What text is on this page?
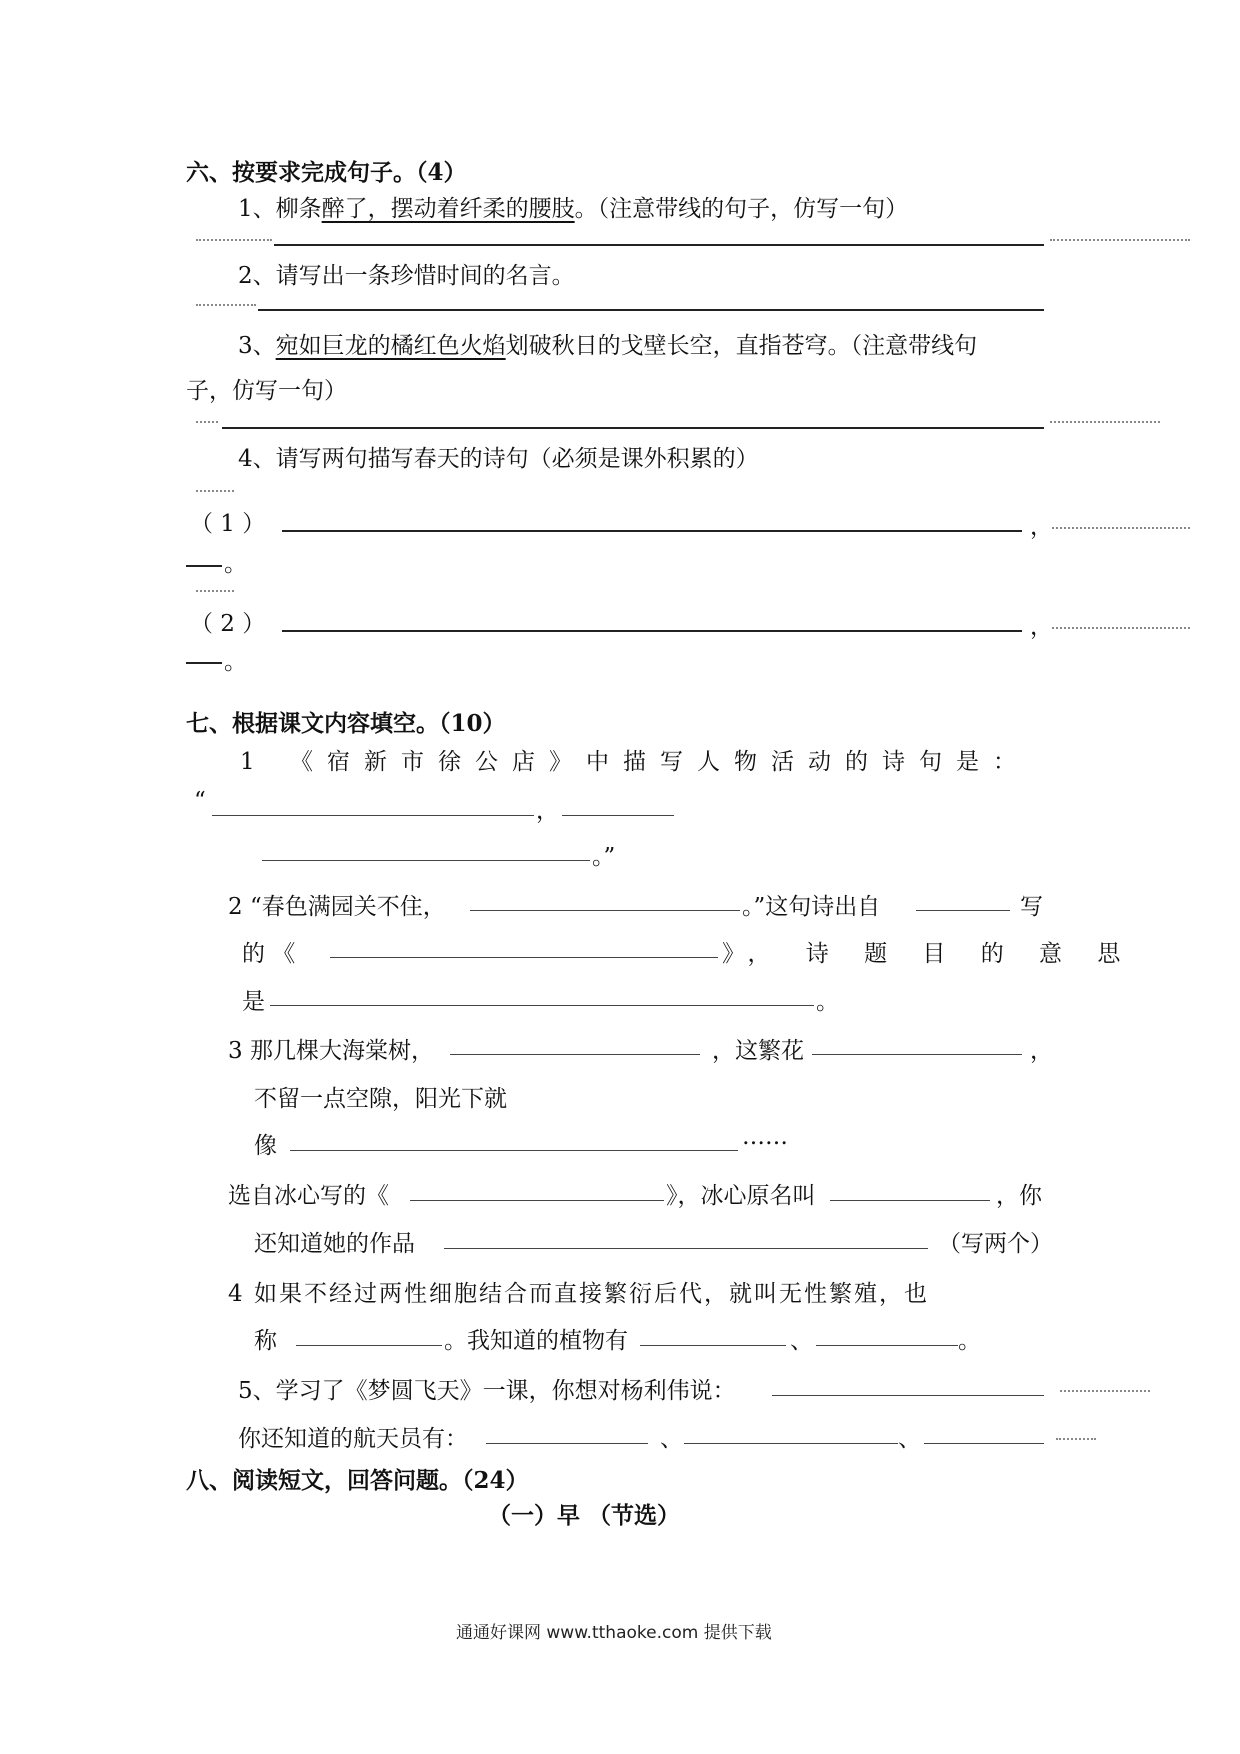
六、按要求完成句子。（4）
1、柳条醉了，摆动着纤柔的腰肢。（注意带线的句子，仿写一句）
2、请写出一条珍惜时间的名言。
3、宛如巨龙的橘红色火焰划破秋日的戈壁长空，直指苍穹。（注意带线句
子，仿写一句）
4、请写两句描写春天的诗句（必须是课外积累的）
（ 1 ）	，
。
（ 2 ）	，
。
七、根据课文内容填空。（10）
1 《宿新市徐公店》中描写人物活动的诗句是：
“	，
。”
2 “春色满园关不住，	。”这句诗出自	写
的 《	》， 诗 题 目 的 意 思
是	。
3 那几棵大海棠树，	，这繁花	，
不留一点空隙，阳光下就
像	……
选自冰心写的《	》，冰心原名叫	，你
还知道她的作品	（写两个）
4 如果不经过两性细胞结合而直接繁衍后代，就叫无性繁殖，也
称	。我知道的植物有	、	。
5、学习了《梦圆飞天》一课，你想对杨利伟说：
你还知道的航天员有：	、	、
八、阅读短文，回答问题。（24）
（一）早 （节选）
通通好课网 www.tthaoke.com 提供下载
